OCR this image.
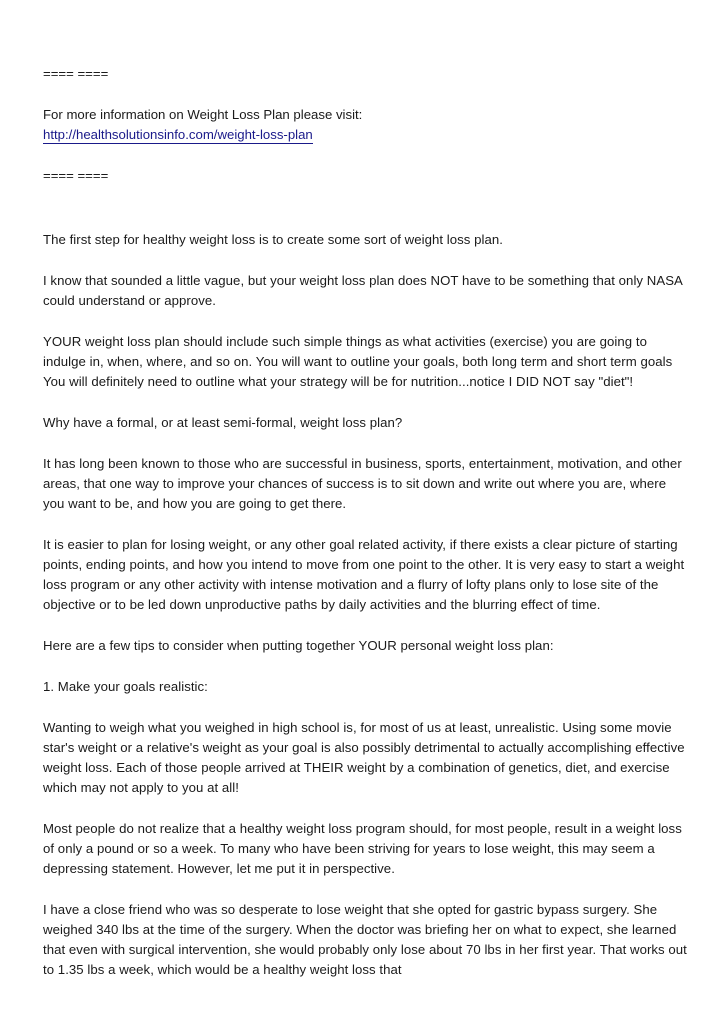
==== ====
For more information on Weight Loss Plan please visit:
http://healthsolutionsinfo.com/weight-loss-plan
==== ====

The first step for healthy weight loss is to create some sort of weight loss plan.

I know that sounded a little vague, but your weight loss plan does NOT have to be something that only NASA could understand or approve.

YOUR weight loss plan should include such simple things as what activities (exercise) you are going to indulge in, when, where, and so on. You will want to outline your goals, both long term and short term goals You will definitely need to outline what your strategy will be for nutrition...notice I DID NOT say "diet"!

Why have a formal, or at least semi-formal, weight loss plan?

It has long been known to those who are successful in business, sports, entertainment, motivation, and other areas, that one way to improve your chances of success is to sit down and write out where you are, where you want to be, and how you are going to get there.

It is easier to plan for losing weight, or any other goal related activity, if there exists a clear picture of starting points, ending points, and how you intend to move from one point to the other. It is very easy to start a weight loss program or any other activity with intense motivation and a flurry of lofty plans only to lose site of the objective or to be led down unproductive paths by daily activities and the blurring effect of time.

Here are a few tips to consider when putting together YOUR personal weight loss plan:

1. Make your goals realistic:

Wanting to weigh what you weighed in high school is, for most of us at least, unrealistic. Using some movie star's weight or a relative's weight as your goal is also possibly detrimental to actually accomplishing effective weight loss. Each of those people arrived at THEIR weight by a combination of genetics, diet, and exercise which may not apply to you at all!

Most people do not realize that a healthy weight loss program should, for most people, result in a weight loss of only a pound or so a week. To many who have been striving for years to lose weight, this may seem a depressing statement. However, let me put it in perspective.

I have a close friend who was so desperate to lose weight that she opted for gastric bypass surgery. She weighed 340 lbs at the time of the surgery. When the doctor was briefing her on what to expect, she learned that even with surgical intervention, she would probably only lose about 70 lbs in her first year. That works out to 1.35 lbs a week, which would be a healthy weight loss that
